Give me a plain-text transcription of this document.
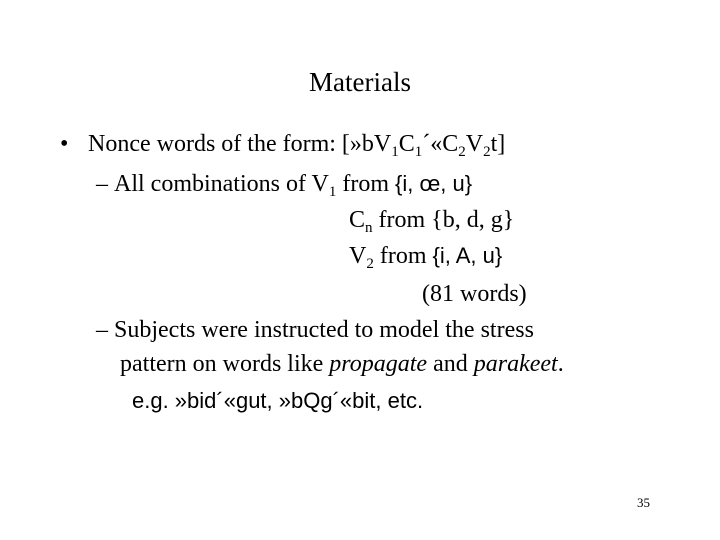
Materials
• Nonce words of the form: $[»bV_1C_1´«C_2V_2t]$
– All combinations of $V_1$ from {i, œ, u}
$C_n$ from {b, d, g}
$V_2$ from {i, A, u}
(81 words)
– Subjects were instructed to model the stress
pattern on words like propagate and parakeet.
e.g. »bid´«gut, »bQg´«bit, etc.
35
